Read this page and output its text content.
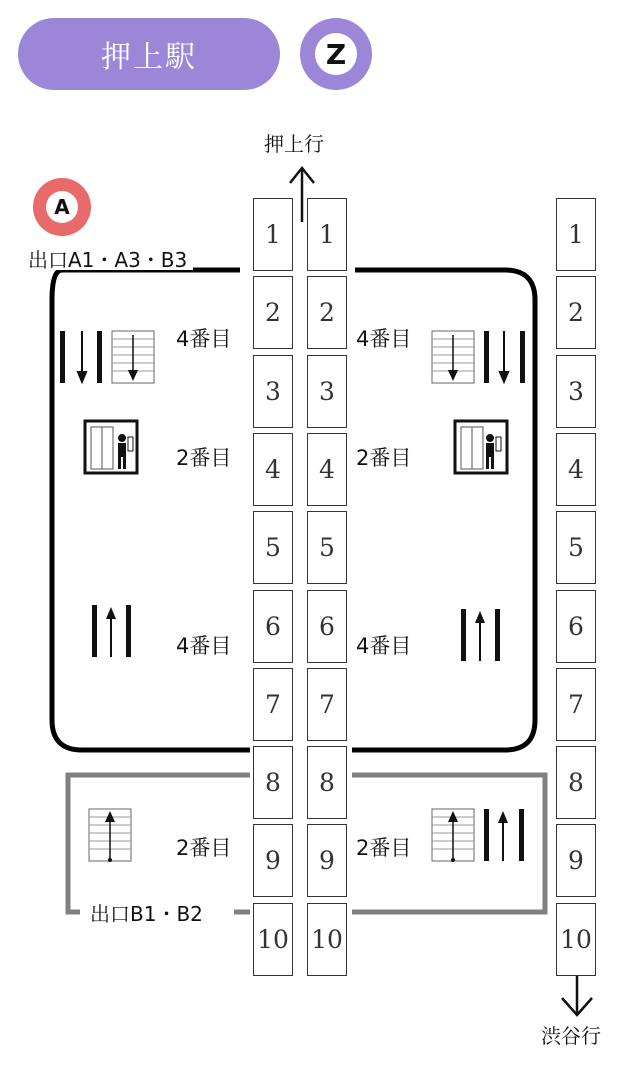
押上駅	Z
A
押上行
渋谷行
出口A1・A3・B3
出口B1・B2
4番目	4番目
2番目	2番目
4番目	4番目
2番目	2番目
1
2
3
4
5
6
7
8
9
10
1
2
3
4
5
6
7
8
9
10
1
2
3
4
5
6
7
8
9
10
